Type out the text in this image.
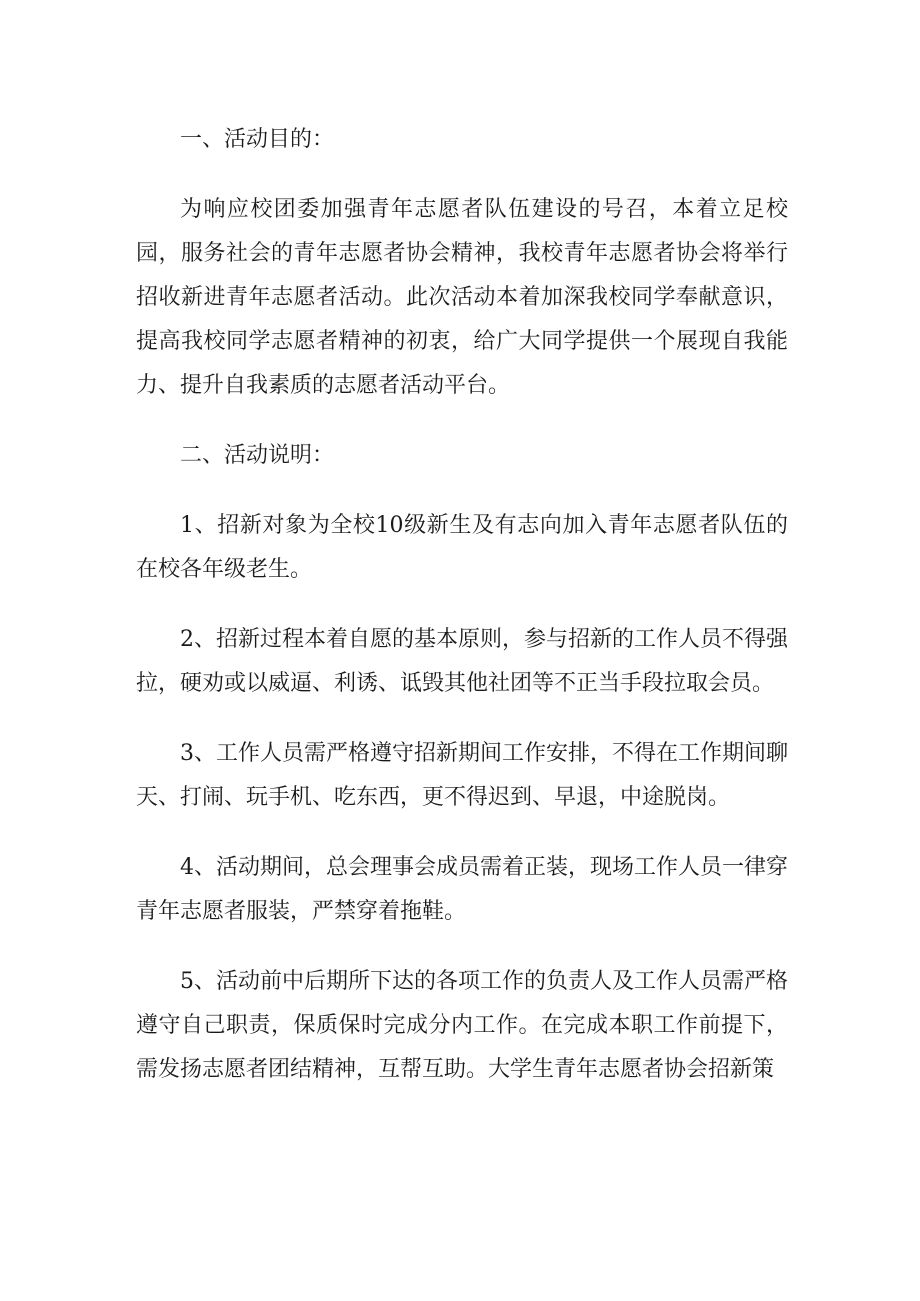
一、活动目的：

为响应校团委加强青年志愿者队伍建设的号召，本着立足校园，服务社会的青年志愿者协会精神，我校青年志愿者协会将举行招收新进青年志愿者活动。此次活动本着加深我校同学奉献意识，提高我校同学志愿者精神的初衷，给广大同学提供一个展现自我能力、提升自我素质的志愿者活动平台。

二、活动说明：

1、招新对象为全校10级新生及有志向加入青年志愿者队伍的在校各年级老生。

2、招新过程本着自愿的基本原则，参与招新的工作人员不得强拉，硬劝或以威逼、利诱、诋毁其他社团等不正当手段拉取会员。

3、工作人员需严格遵守招新期间工作安排，不得在工作期间聊天、打闹、玩手机、吃东西，更不得迟到、早退，中途脱岗。

4、活动期间，总会理事会成员需着正装，现场工作人员一律穿青年志愿者服装，严禁穿着拖鞋。

5、活动前中后期所下达的各项工作的负责人及工作人员需严格遵守自己职责，保质保时完成分内工作。在完成本职工作前提下，需发扬志愿者团结精神，互帮互助。大学生青年志愿者协会招新策
